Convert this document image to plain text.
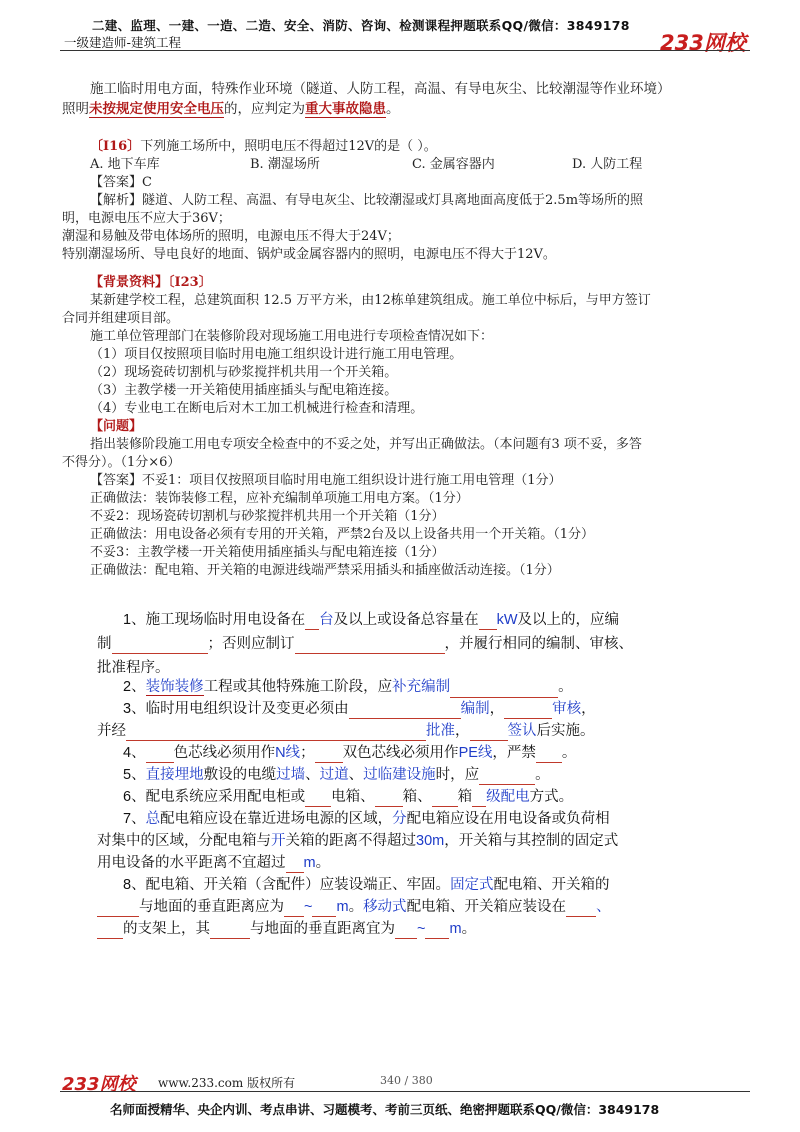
二建、监理、一建、一造、二造、安全、消防、咨询、检测课程押题联系QQ/微信：3849178
一级建造师-建筑工程	233网校
施工临时用电方面，特殊作业环境（隧道、人防工程，高温、有导电灰尘、比较潮湿等作业环境）
照明未按规定使用安全电压的，应判定为重大事故隐患。
〔Ⅰ16〕下列施工场所中，照明电压不得超过12V的是（ ）。
A. 地下车库	B. 潮湿场所	C. 金属容器内	D. 人防工程
【答案】C
【解析】隧道、人防工程、高温、有导电灰尘、比较潮湿或灯具离地面高度低于2.5m等场所的照
明，电源电压不应大于36V；
潮湿和易触及带电体场所的照明，电源电压不得大于24V；
特别潮湿场所、导电良好的地面、锅炉或金属容器内的照明，电源电压不得大于12V。
【背景资料】〔Ⅰ23〕
某新建学校工程，总建筑面积 12.5 万平方米，由12栋单建筑组成。施工单位中标后，与甲方签订
合同并组建项目部。
施工单位管理部门在装修阶段对现场施工用电进行专项检查情况如下：
（1）项目仅按照项目临时用电施工组织设计进行施工用电管理。
（2）现场瓷砖切割机与砂浆搅拌机共用一个开关箱。
（3）主教学楼一开关箱使用插座插头与配电箱连接。
（4）专业电工在断电后对木工加工机械进行检查和清理。
【问题】
指出装修阶段施工用电专项安全检查中的不妥之处，并写出正确做法。（本问题有3 项不妥，多答
不得分）。（1分×6）
【答案】不妥1：项目仅按照项目临时用电施工组织设计进行施工用电管理（1分）
正确做法：装饰装修工程，应补充编制单项施工用电方案。（1分）
不妥2：现场瓷砖切割机与砂浆搅拌机共用一个开关箱（1分）
正确做法：用电设备必须有专用的开关箱，严禁2台及以上设备共用一个开关箱。（1分）
不妥3：主教学楼一开关箱使用插座插头与配电箱连接（1分）
正确做法：配电箱、开关箱的电源进线端严禁采用插头和插座做活动连接。（1分）
1、施工现场临时用电设备在 台及以上或设备总容量在 kW及以上的，应编
制	；否则应制订	，并履行相同的编制、审核、
批准程序。
2、装饰装修工程或其他特殊施工阶段，应补充编制	。
3、临时用电组织设计及变更必须由	编制，	审核，
并经	批准，	签认后实施。
4、 色芯线必须用作N线； 双色芯线必须用作PE线，严禁 。
5、直接埋地敷设的电缆过墙、过道、过临建设施时，应	。
6、配电系统应采用配电柜或 电箱、 箱、 箱 级配电方式。
7、总配电箱应设在靠近进场电源的区域，分配电箱应设在用电设备或负荷相
对集中的区域，分配电箱与开关箱的距离不得超过30m，开关箱与其控制的固定式
用电设备的水平距离不宜超过 m。
8、配电箱、开关箱（含配件）应装设端正、牢固。固定式配电箱、开关箱的
与地面的垂直距离应为 ~ m。移动式配电箱、开关箱应装设在 、
的支架上，其	与地面的垂直距离宜为 ~ m。
233网校 www.233.com 版权所有	340 / 380
名师面授精华、央企内训、考点串讲、习题模考、考前三页纸、绝密押题联系QQ/微信：3849178
